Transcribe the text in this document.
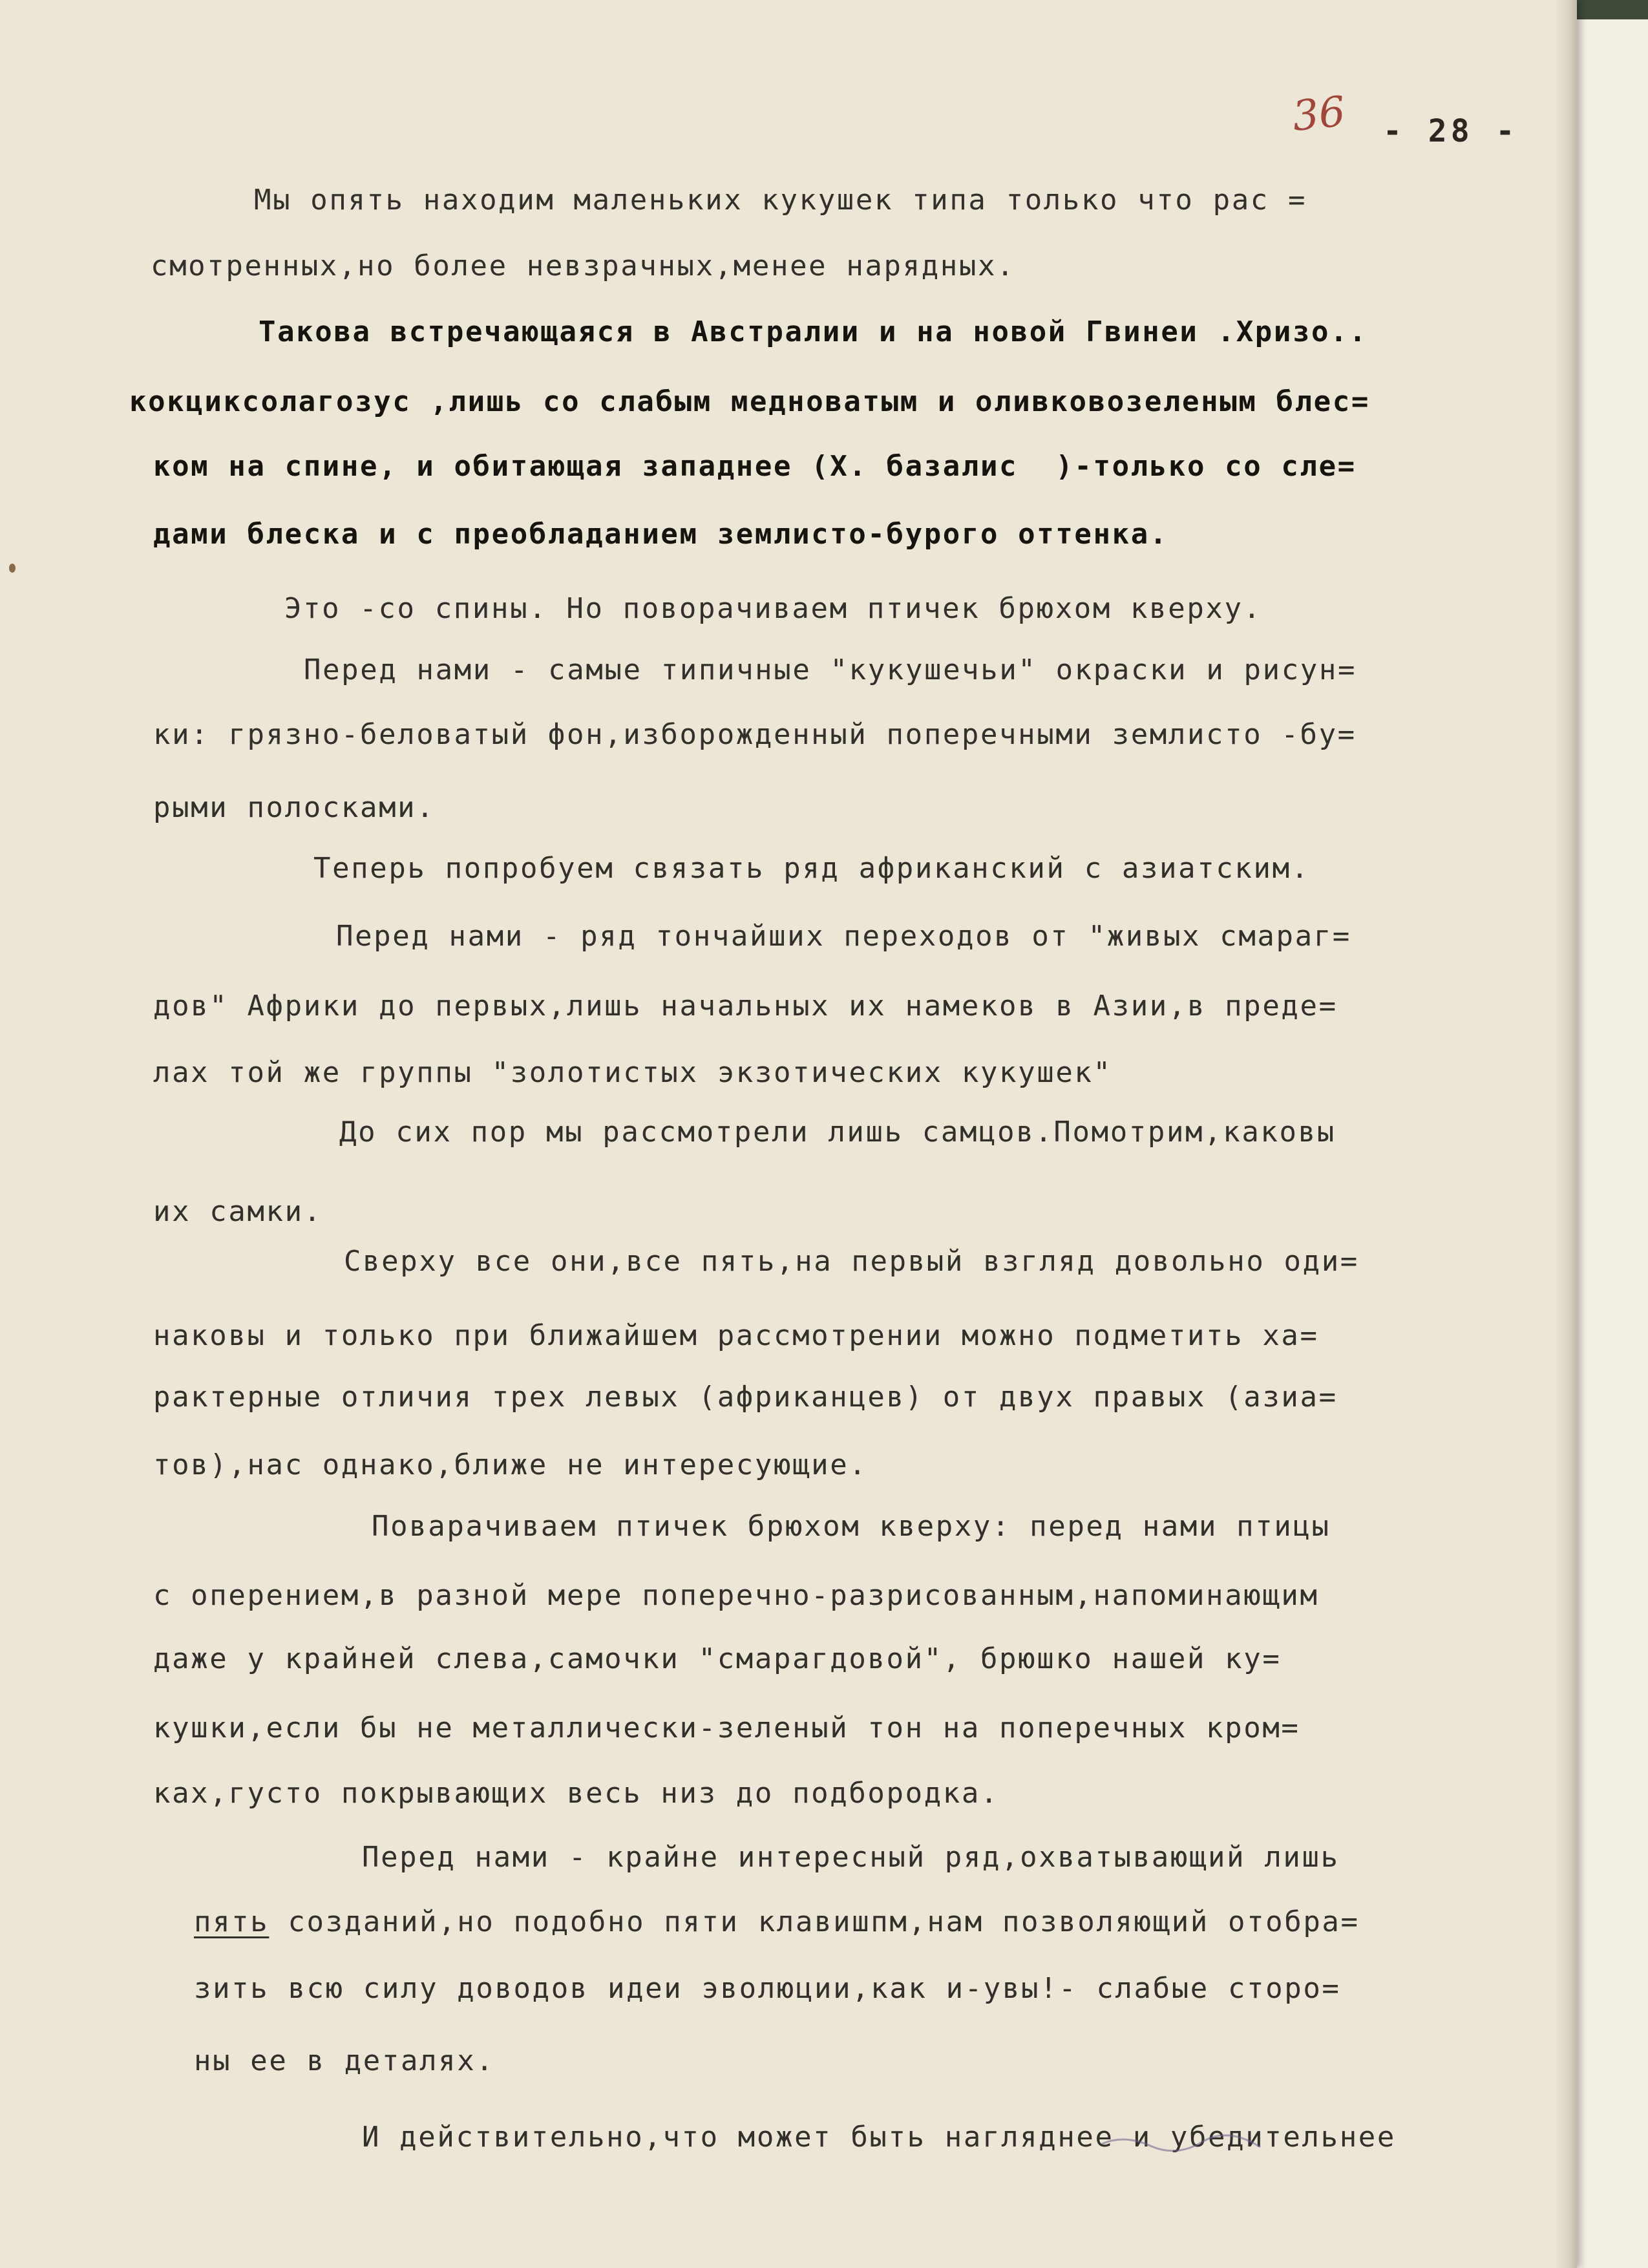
36 - 28 -
Мы опять находим маленьких кукушек типа только что рас =
смотренных,но более невзрачных,менее нарядных.
Такова встречающаяся в Австралии и на новой Гвинеи .Хризо..
кокциксолагозус ,лишь со слабым медноватым и оливковозеленым блес=
ком на спине, и обитающая западнее (Х. базалис  )-только со сле=
дами блеска и с преобладанием землисто-бурого оттенка.
Это -со спины. Но поворачиваем птичек брюхом кверху.
Перед нами - самые типичные "кукушечьи" окраски и рисун=
ки: грязно-беловатый фон,изборожденный поперечными землисто -бу=
рыми полосками.
Теперь попробуем связать ряд африканский с азиатским.
Перед нами - ряд тончайших переходов от "живых смараг=
дов" Африки до первых,лишь начальных их намеков в Азии,в преде=
лах той же группы "золотистых экзотических кукушек"
До сих пор мы рассмотрели лишь самцов.Помотрим,каковы
их самки.
Сверху все они,все пять,на первый взгляд довольно оди=
наковы и только при ближайшем рассмотрении можно подметить ха=
рактерные отличия трех левых (африканцев) от двух правых (азиа=
тов),нас однако,ближе не интересующие.
Поварачиваем птичек брюхом кверху: перед нами птицы
с оперением,в разной мере поперечно-разрисованным,напоминающим
даже у крайней слева,самочки "смарагдовой", брюшко нашей ку=
кушки,если бы не металлически-зеленый тон на поперечных кром=
ках,густо покрывающих весь низ до подбородка.
Перед нами - крайне интересный ряд,охватывающий лишь
пять созданий,но подобно пяти клавишпм,нам позволяющий отобра=
зить всю силу доводов идеи эволюции,как и-увы!- слабые сторо=
ны ее в деталях.
И действительно,что может быть нагляднее и убедительнее
